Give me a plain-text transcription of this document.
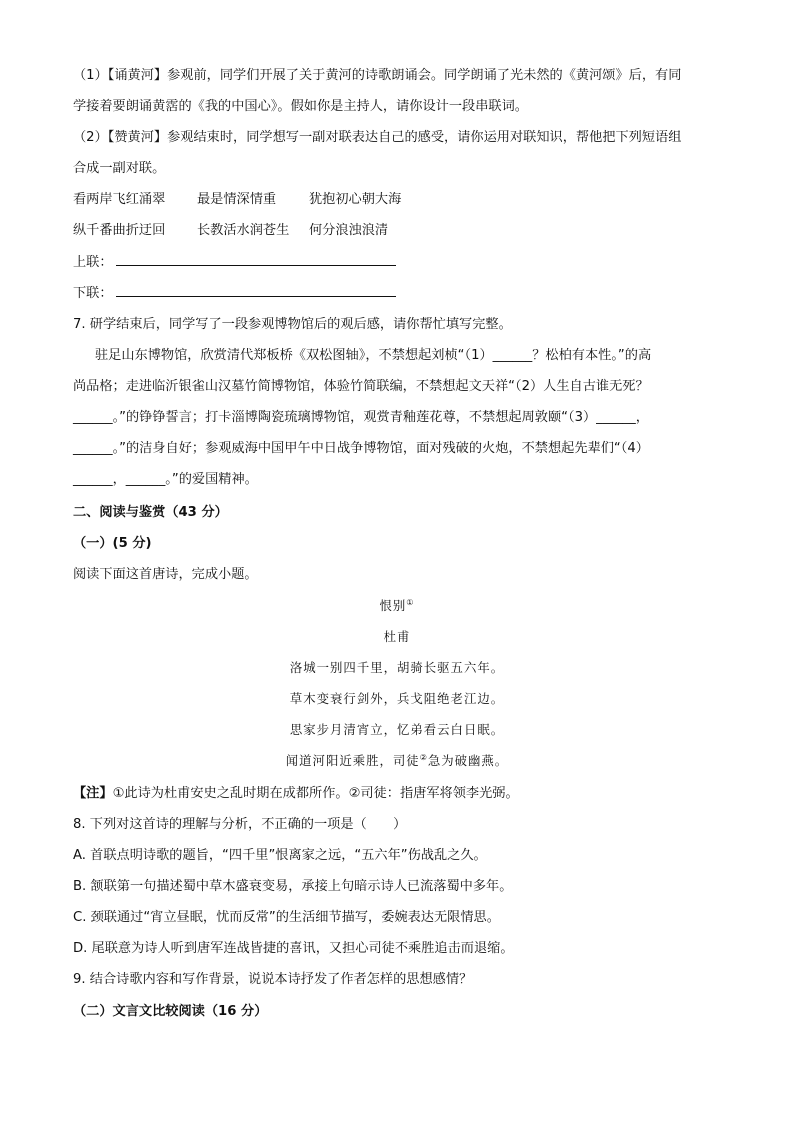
（1）【诵黄河】参观前，同学们开展了关于黄河的诗歌朗诵会。同学朗诵了光未然的《黄河颂》后，有同
学接着要朗诵黄霑的《我的中国心》。假如你是主持人，请你设计一段串联词。
（2）【赞黄河】参观结束时，同学想写一副对联表达自己的感受，请你运用对联知识，帮他把下列短语组
合成一副对联。
看两岸飞红涌翠 最是情深情重 犹抱初心朝大海
纵千番曲折迂回 长教活水润苍生 何分浪浊浪清
上联：
下联：
7. 研学结束后，同学写了一段参观博物馆后的观后感，请你帮忙填写完整。
驻足山东博物馆，欣赏清代郑板桥《双松图轴》，不禁想起刘桢“（1）______？松柏有本性。”的高
尚品格；走进临沂银雀山汉墓竹简博物馆，体验竹简联编，不禁想起文天祥“（2）人生自古谁无死？
______。”的铮铮誓言；打卡淄博陶瓷琉璃博物馆，观赏青釉莲花尊，不禁想起周敦颐“（3）______，
______。”的洁身自好；参观威海中国甲午中日战争博物馆，面对残破的火炮，不禁想起先辈们“（4）
______，______。”的爱国精神。
二、阅读与鉴赏（43 分）
（一）(5 分)
阅读下面这首唐诗，完成小题。
恨别①
杜甫
洛城一别四千里，胡骑长驱五六年。
草木变衰行剑外，兵戈阻绝老江边。
思家步月清宵立，忆弟看云白日眠。
闻道河阳近乘胜，司徒②急为破幽燕。
【注】①此诗为杜甫安史之乱时期在成都所作。②司徒：指唐军将领李光弼。
8. 下列对这首诗的理解与分析，不正确的一项是（　　）
A. 首联点明诗歌的题旨，“四千里”恨离家之远，“五六年”伤战乱之久。
B. 颔联第一句描述蜀中草木盛衰变易，承接上句暗示诗人已流落蜀中多年。
C. 颈联通过“宵立昼眠，忧而反常”的生活细节描写，委婉表达无限情思。
D. 尾联意为诗人听到唐军连战皆捷的喜讯，又担心司徒不乘胜追击而退缩。
9. 结合诗歌内容和写作背景，说说本诗抒发了作者怎样的思想感情？
（二）文言文比较阅读（16 分）
